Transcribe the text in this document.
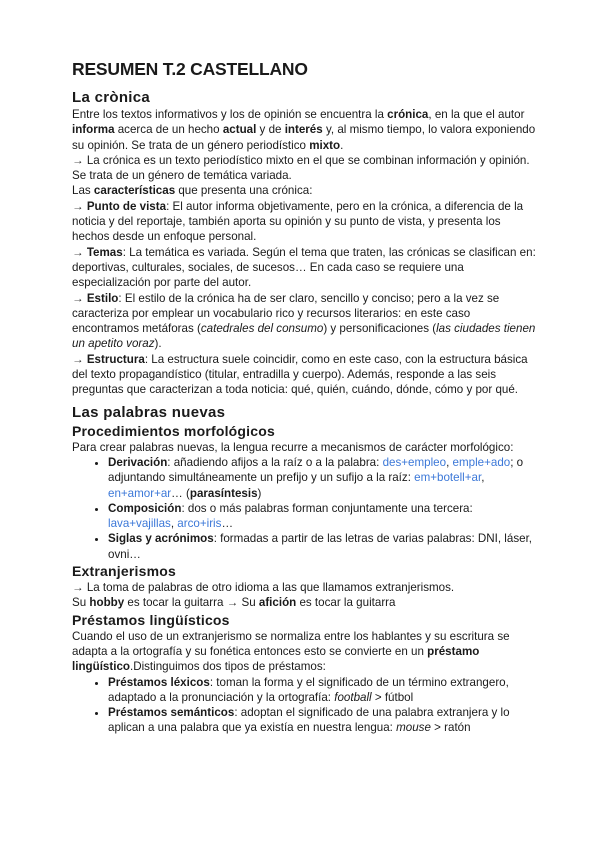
RESUMEN T.2 CASTELLANO
La crònica

Entre los textos informativos y los de opinión se encuentra la crónica, en la que el autor informa acerca de un hecho actual y de interés y, al mismo tiempo, lo valora exponiendo su opinión. Se trata de un género periodístico mixto.

→ La crónica es un texto periodístico mixto en el que se combinan información y opinión. Se trata de un género de temática variada.

Las características que presenta una crónica:

→ Punto de vista: El autor informa objetivamente, pero en la crónica, a diferencia de la noticia y del reportaje, también aporta su opinión y su punto de vista, y presenta los hechos desde un enfoque personal.

→ Temas: La temática es variada. Según el tema que traten, las crónicas se clasifican en: deportivas, culturales, sociales, de sucesos… En cada caso se requiere una especialización por parte del autor.

→ Estilo: El estilo de la crónica ha de ser claro, sencillo y conciso; pero a la vez se caracteriza por emplear un vocabulario rico y recursos literarios: en este caso encontramos metáforas (catedrales del consumo) y personificaciones (las ciudades tienen un apetito voraz).

→ Estructura: La estructura suele coincidir, como en este caso, con la estructura básica del texto propagandístico (titular, entradilla y cuerpo). Además, responde a las seis preguntas que caracterizan a toda noticia: qué, quién, cuándo, dónde, cómo y por qué.

Las palabras nuevas
Procedimientos morfológicos

Para crear palabras nuevas, la lengua recurre a mecanismos de carácter morfológico:

• Derivación: añadiendo afijos a la raíz o a la palabra: des+empleo, emple+ado; o adjuntando simultáneamente un prefijo y un sufijo a la raíz: em+botell+ar, en+amor+ar… (parasíntesis)
• Composición: dos o más palabras forman conjuntamente una tercera: lava+vajillas, arco+iris…
• Siglas y acrónimos: formadas a partir de las letras de varias palabras: DNI, láser, ovni…
Extranjerismos

→ La toma de palabras de otro idioma a las que llamamos extranjerismos.

Su hobby es tocar la guitarra → Su afición es tocar la guitarra

Préstamos lingüísticos

Cuando el uso de un extranjerismo se normaliza entre los hablantes y su escritura se adapta a la ortografía y su fonética entonces esto se convierte en un préstamo lingüístico.Distinguimos dos tipos de préstamos:

• Préstamos léxicos: toman la forma y el significado de un término extrangero, adaptado a la pronunciación y la ortografía: football > fútbol
• Préstamos semánticos: adoptan el significado de una palabra extranjera y lo aplican a una palabra que ya existía en nuestra lengua: mouse > ratón
